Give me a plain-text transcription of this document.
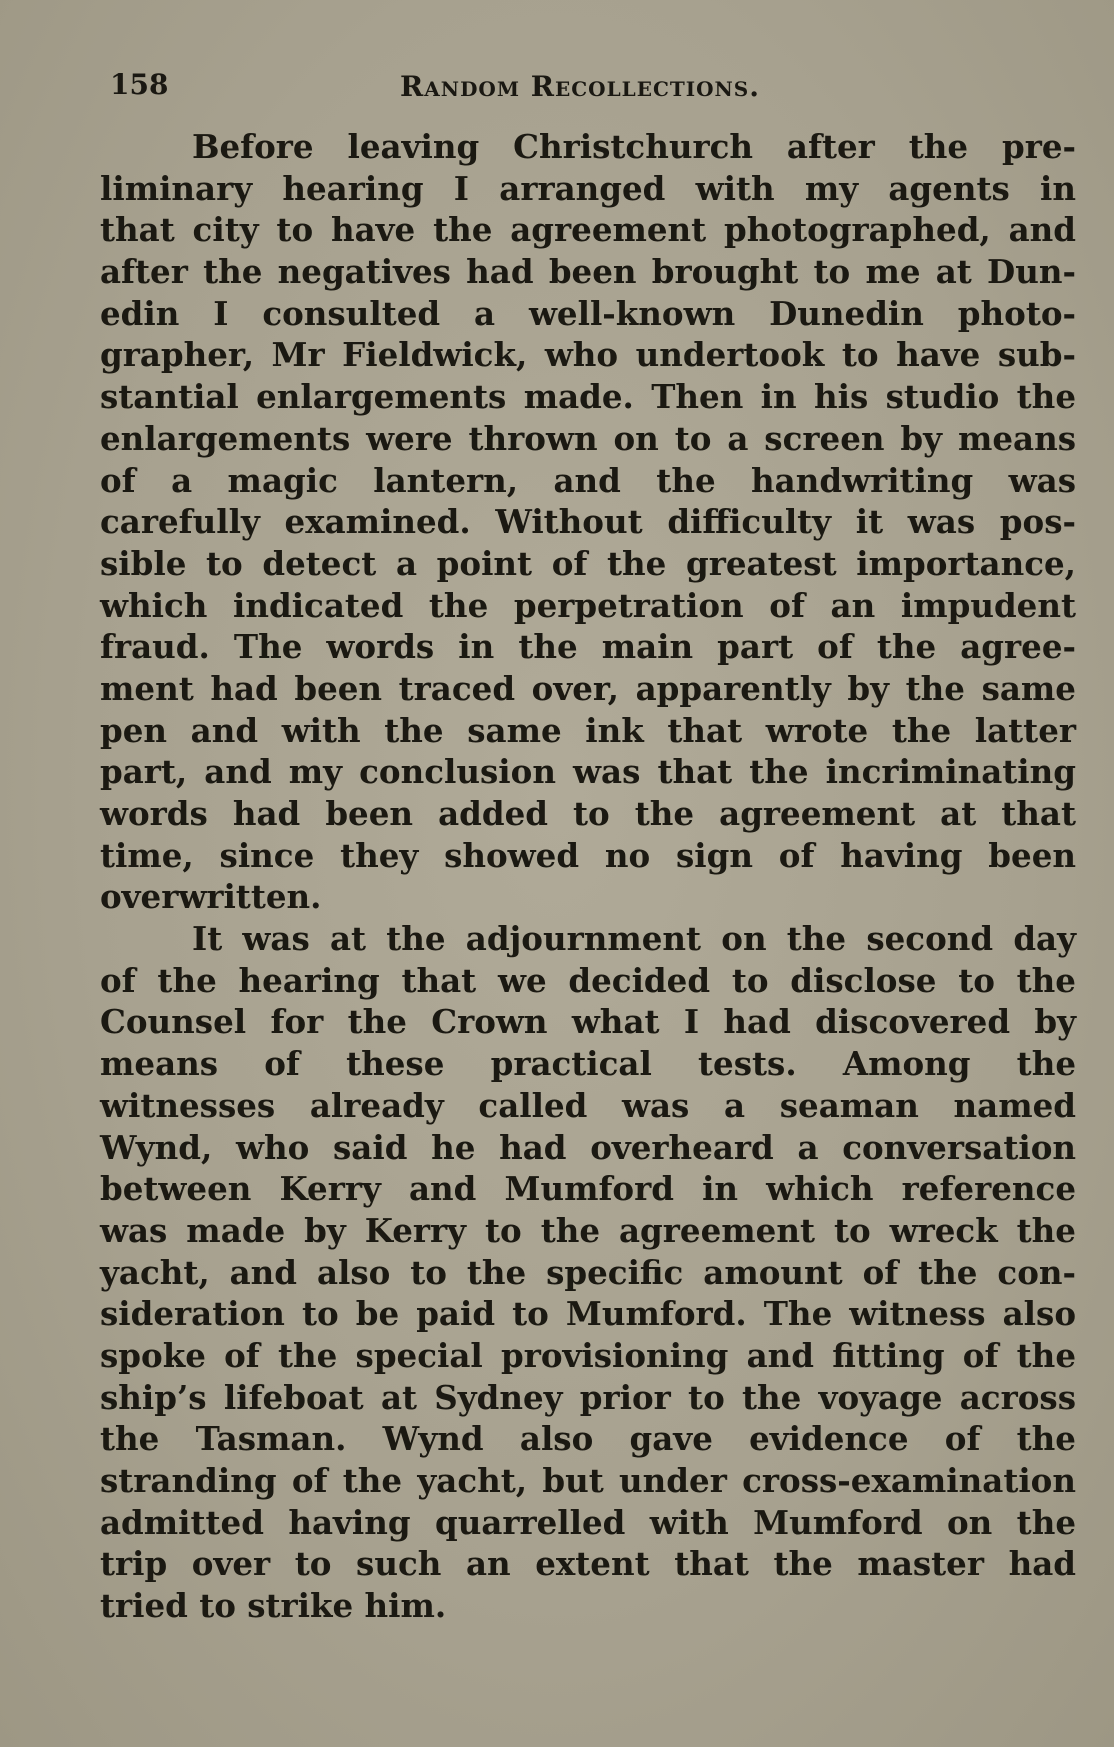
158	Random Recollections.
Before leaving Christchurch after the pre-
liminary hearing I arranged with my agents in
that city to have the agreement photographed, and
after the negatives had been brought to me at Dun-
edin I consulted a well-known Dunedin photo-
grapher, Mr Fieldwick, who undertook to have sub-
stantial enlargements made. Then in his studio the
enlargements were thrown on to a screen by means
of a magic lantern, and the handwriting was
carefully examined. Without difficulty it was pos-
sible to detect a point of the greatest importance,
which indicated the perpetration of an impudent
fraud. The words in the main part of the agree-
ment had been traced over, apparently by the same
pen and with the same ink that wrote the latter
part, and my conclusion was that the incriminating
words had been added to the agreement at that
time, since they showed no sign of having been
overwritten.
It was at the adjournment on the second day
of the hearing that we decided to disclose to the
Counsel for the Crown what I had discovered by
means of these practical tests. Among the
witnesses already called was a seaman named
Wynd, who said he had overheard a conversation
between Kerry and Mumford in which reference
was made by Kerry to the agreement to wreck the
yacht, and also to the specific amount of the con-
sideration to be paid to Mumford. The witness also
spoke of the special provisioning and fitting of the
ship’s lifeboat at Sydney prior to the voyage across
the Tasman. Wynd also gave evidence of the
stranding of the yacht, but under cross-examination
admitted having quarrelled with Mumford on the
trip over to such an extent that the master had
tried to strike him.
